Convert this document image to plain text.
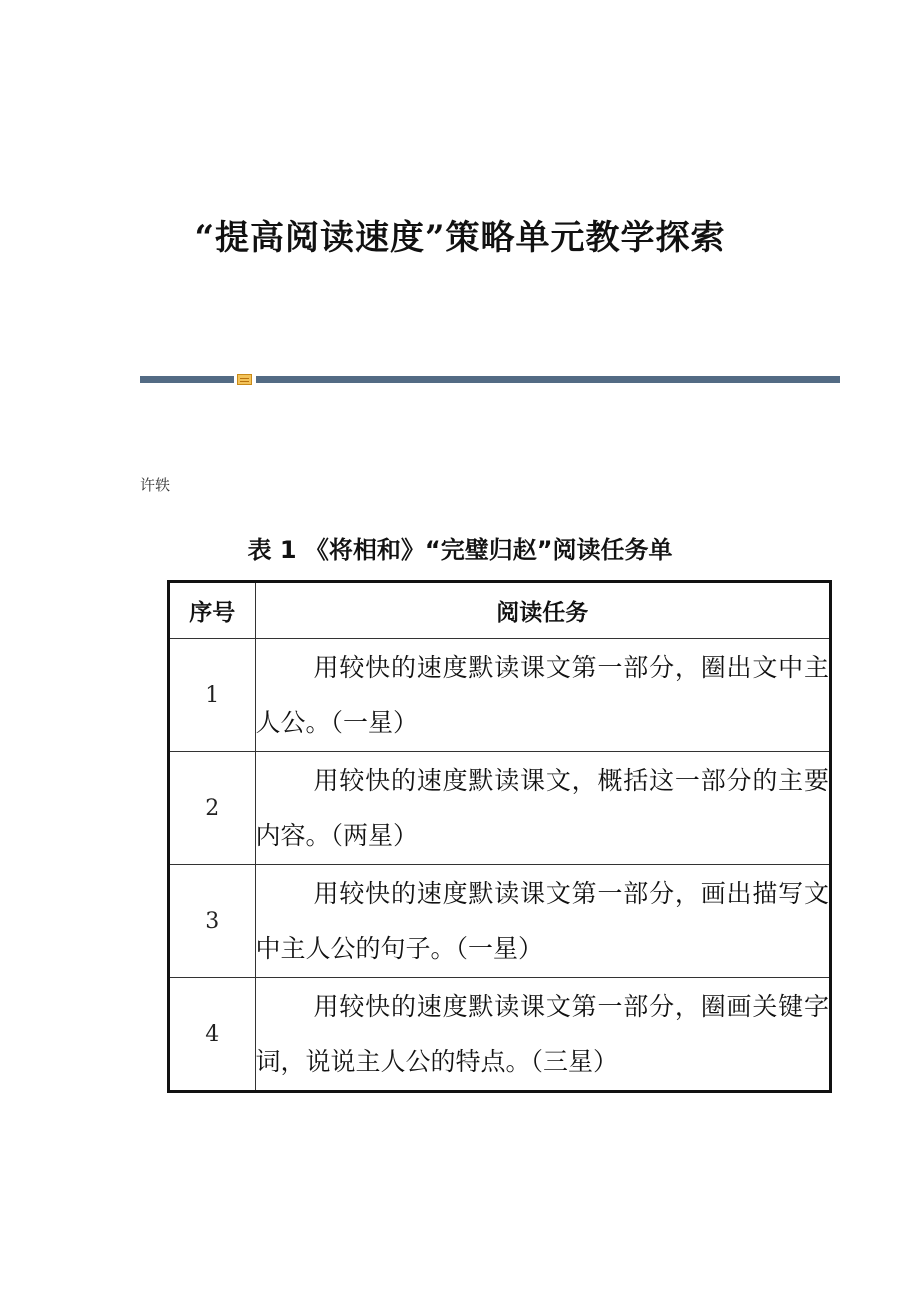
“提高阅读速度”策略单元教学探索
许轶
表 1 《将相和》“完璧归赵”阅读任务单
序号	阅读任务
1	用较快的速度默读课文第一部分，圈出文中主人公。（一星）
2	用较快的速度默读课文，概括这一部分的主要内容。（两星）
3	用较快的速度默读课文第一部分，画出描写文中主人公的句子。（一星）
4	用较快的速度默读课文第一部分，圈画关键字词，说说主人公的特点。（三星）
